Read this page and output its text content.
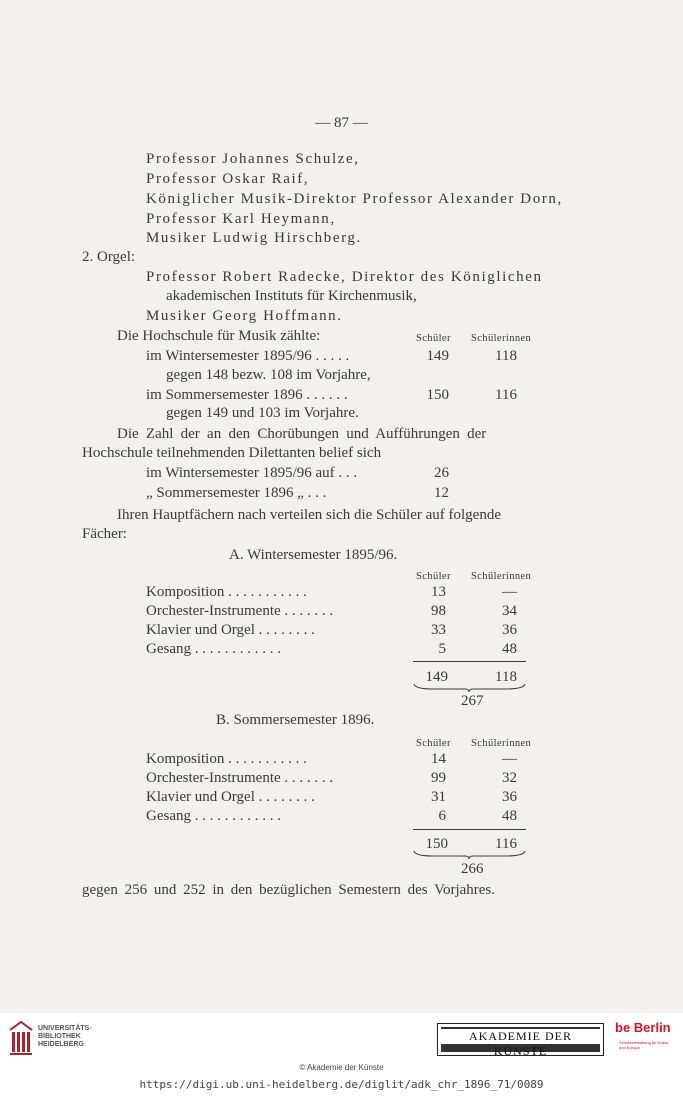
— 87 —

Professor Johannes Schulze,

Professor Oskar Raif,

Königlicher Musik-Direktor Professor Alexander Dorn,

Professor Karl Heymann,

Musiker Ludwig Hirschberg.

2. Orgel:

Professor Robert Radecke, Direktor des Königlichen

akademischen Instituts für Kirchenmusik,

Musiker Georg Hoffmann.

Die Hochschule für Musik zählte:	Schüler Schülerinnen

im Wintersemester 1895/96 . . . . .	149	118

gegen 148 bezw. 108 im Vorjahre,

im Sommersemester 1896 . . . . . .	150	116

gegen 149 und 103 im Vorjahre.

Die Zahl der an den Chorübungen und Aufführungen der

Hochschule teilnehmenden Dilettanten belief sich

im Wintersemester 1895/96 auf . . .	26

„ Sommersemester 1896 „ . . .	12

Ihren Hauptfächern nach verteilen sich die Schüler auf folgende

Fächer:

A. Wintersemester 1895/96.

Schüler Schülerinnen

Komposition . . . . . . . . . . .	13	—

Orchester-Instrumente . . . . . . .	98	34

Klavier und Orgel . . . . . . . .	33	36

Gesang . . . . . . . . . . . .	5	48

149	118

267

B. Sommersemester 1896.

Schüler Schülerinnen

Komposition . . . . . . . . . . .	14	—

Orchester-Instrumente . . . . . . .	99	32

Klavier und Orgel . . . . . . . .	31	36

Gesang . . . . . . . . . . . .	6	48

150	116

266

gegen 256 und 252 in den bezüglichen Semestern des Vorjahres.

UNIVERSITÄTS-
BIBLIOTHEK
HEIDELBERG
AKADEMIE DER KÜNSTE
be Berlin
Senatsverwaltung für Kultur und Europa
© Akademie der Künste
https://digi.ub.uni-heidelberg.de/diglit/adk_chr_1896_71/0089
